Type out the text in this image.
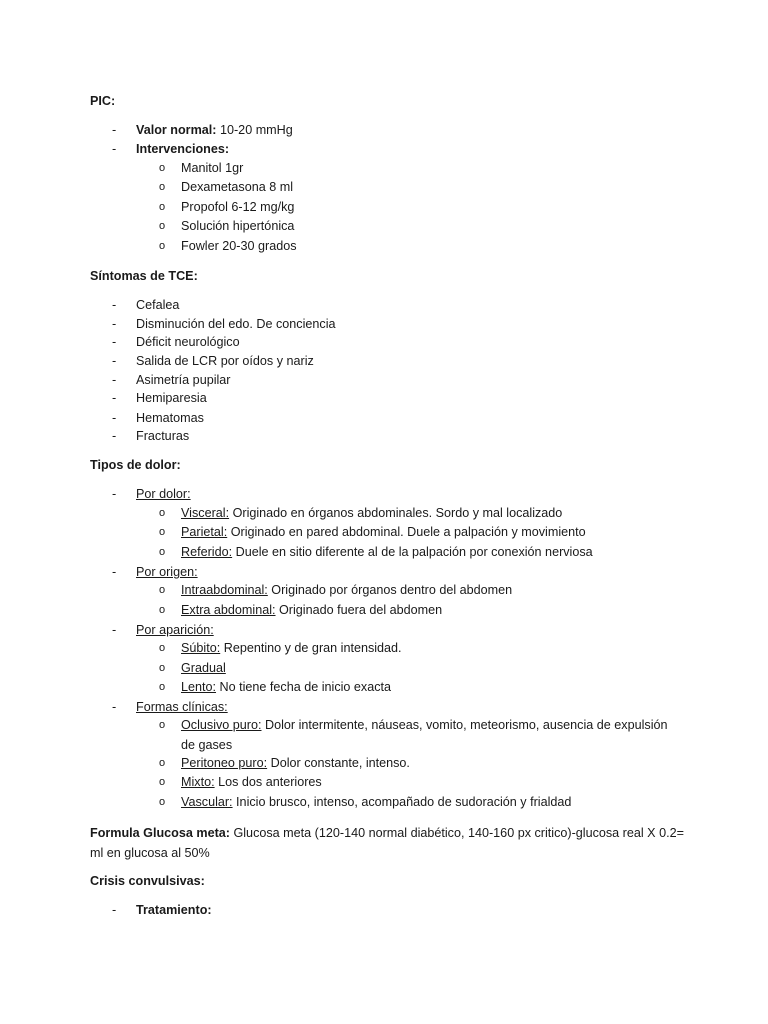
PIC:
- Valor normal: 10-20 mmHg
- Intervenciones:
o Manitol 1gr
o Dexametasona 8 ml
o Propofol 6-12 mg/kg
o Solución hipertónica
o Fowler 20-30 grados
Síntomas de TCE:
- Cefalea
- Disminución del edo. De conciencia
- Déficit neurológico
- Salida de LCR por oídos y nariz
- Asimetría pupilar
- Hemiparesia
- Hematomas
- Fracturas
Tipos de dolor:
- Por dolor:
o Visceral: Originado en órganos abdominales. Sordo y mal localizado
o Parietal: Originado en pared abdominal. Duele a palpación y movimiento
o Referido: Duele en sitio diferente al de la palpación por conexión nerviosa
- Por origen:
o Intraabdominal: Originado por órganos dentro del abdomen
o Extra abdominal: Originado fuera del abdomen
- Por aparición:
o Súbito: Repentino y de gran intensidad.
o Gradual
o Lento: No tiene fecha de inicio exacta
- Formas clínicas:
o Oclusivo puro: Dolor intermitente, náuseas, vomito, meteorismo, ausencia de expulsión de gases
o Peritoneo puro: Dolor constante, intenso.
o Mixto: Los dos anteriores
o Vascular: Inicio brusco, intenso, acompañado de sudoración y frialdad
Formula Glucosa meta: Glucosa meta (120-140 normal diabético, 140-160 px critico)-glucosa real X 0.2= ml en glucosa al 50%
Crisis convulsivas:
- Tratamiento:
